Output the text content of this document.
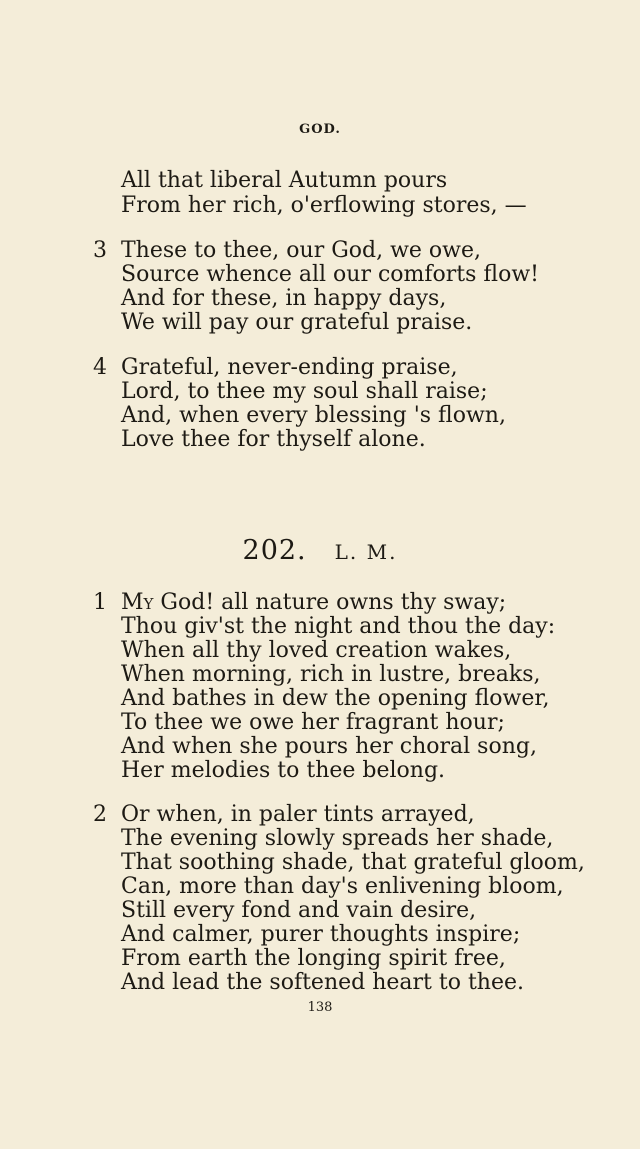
GOD.
All that liberal Autumn pours
From her rich, o'erflowing stores, —
3 These to thee, our God, we owe,
Source whence all our comforts flow!
And for these, in happy days,
We will pay our grateful praise.
4 Grateful, never-ending praise,
Lord, to thee my soul shall raise;
And, when every blessing 's flown,
Love thee for thyself alone.
202. L. M.
1 My God! all nature owns thy sway;
Thou giv'st the night and thou the day:
When all thy loved creation wakes,
When morning, rich in lustre, breaks,
And bathes in dew the opening flower,
To thee we owe her fragrant hour;
And when she pours her choral song,
Her melodies to thee belong.
2 Or when, in paler tints arrayed,
The evening slowly spreads her shade,
That soothing shade, that grateful gloom,
Can, more than day's enlivening bloom,
Still every fond and vain desire,
And calmer, purer thoughts inspire;
From earth the longing spirit free,
And lead the softened heart to thee.
138
